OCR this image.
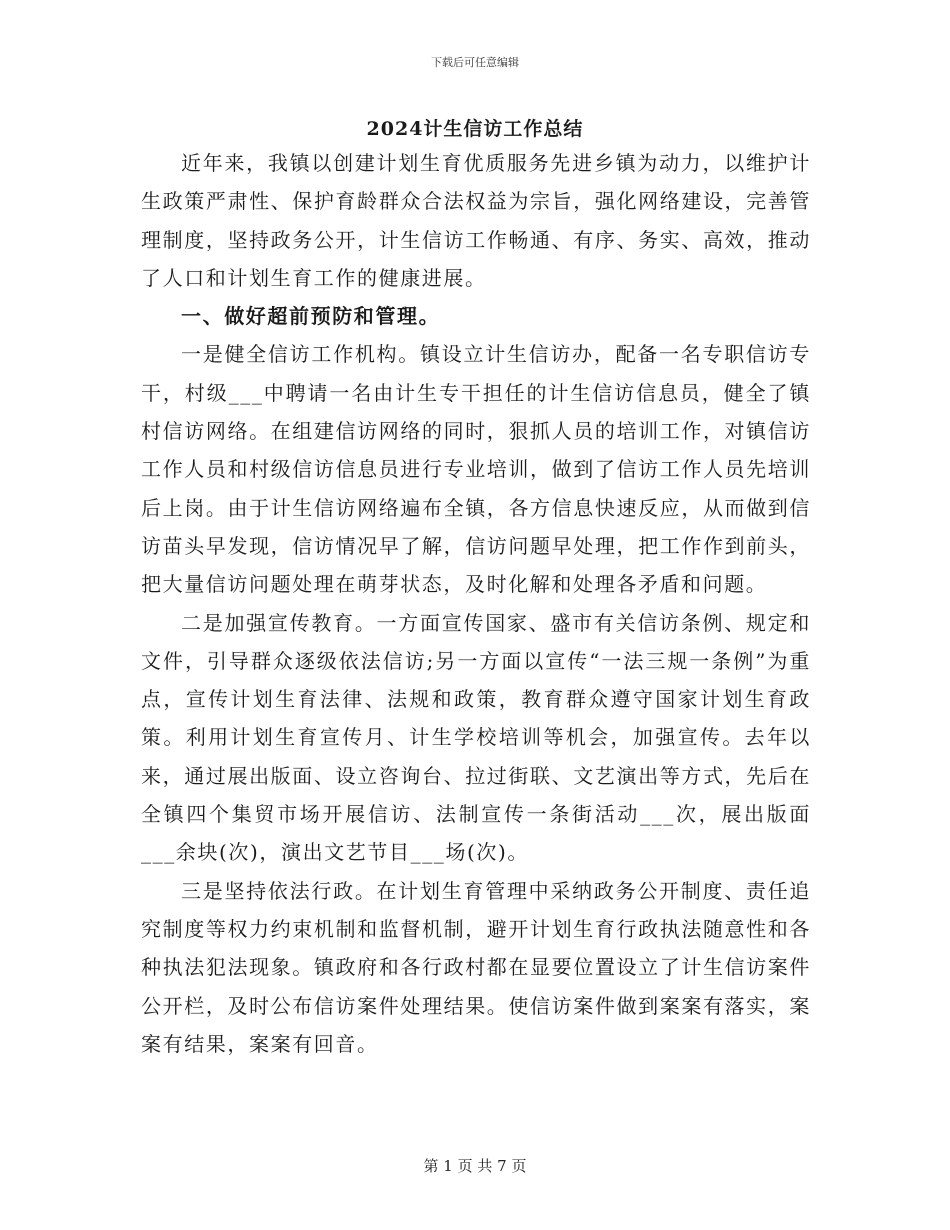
下载后可任意编辑
2024计生信访工作总结

近年来，我镇以创建计划生育优质服务先进乡镇为动力，以维护计生政策严肃性、保护育龄群众合法权益为宗旨，强化网络建设，完善管理制度，坚持政务公开，计生信访工作畅通、有序、务实、高效，推动了人口和计划生育工作的健康进展。

一、做好超前预防和管理。

一是健全信访工作机构。镇设立计生信访办，配备一名专职信访专干，村级___中聘请一名由计生专干担任的计生信访信息员，健全了镇村信访网络。在组建信访网络的同时，狠抓人员的培训工作，对镇信访工作人员和村级信访信息员进行专业培训，做到了信访工作人员先培训后上岗。由于计生信访网络遍布全镇，各方信息快速反应，从而做到信访苗头早发现，信访情况早了解，信访问题早处理，把工作作到前头，把大量信访问题处理在萌芽状态，及时化解和处理各矛盾和问题。

二是加强宣传教育。一方面宣传国家、盛市有关信访条例、规定和文件，引导群众逐级依法信访;另一方面以宣传“一法三规一条例”为重点，宣传计划生育法律、法规和政策，教育群众遵守国家计划生育政策。利用计划生育宣传月、计生学校培训等机会，加强宣传。去年以来，通过展出版面、设立咨询台、拉过街联、文艺演出等方式，先后在全镇四个集贸市场开展信访、法制宣传一条街活动___次，展出版面___余块(次)，演出文艺节目___场(次)。

三是坚持依法行政。在计划生育管理中采纳政务公开制度、责任追究制度等权力约束机制和监督机制，避开计划生育行政执法随意性和各种执法犯法现象。镇政府和各行政村都在显要位置设立了计生信访案件公开栏，及时公布信访案件处理结果。使信访案件做到案案有落实，案案有结果，案案有回音。

第 1 页 共 7 页
